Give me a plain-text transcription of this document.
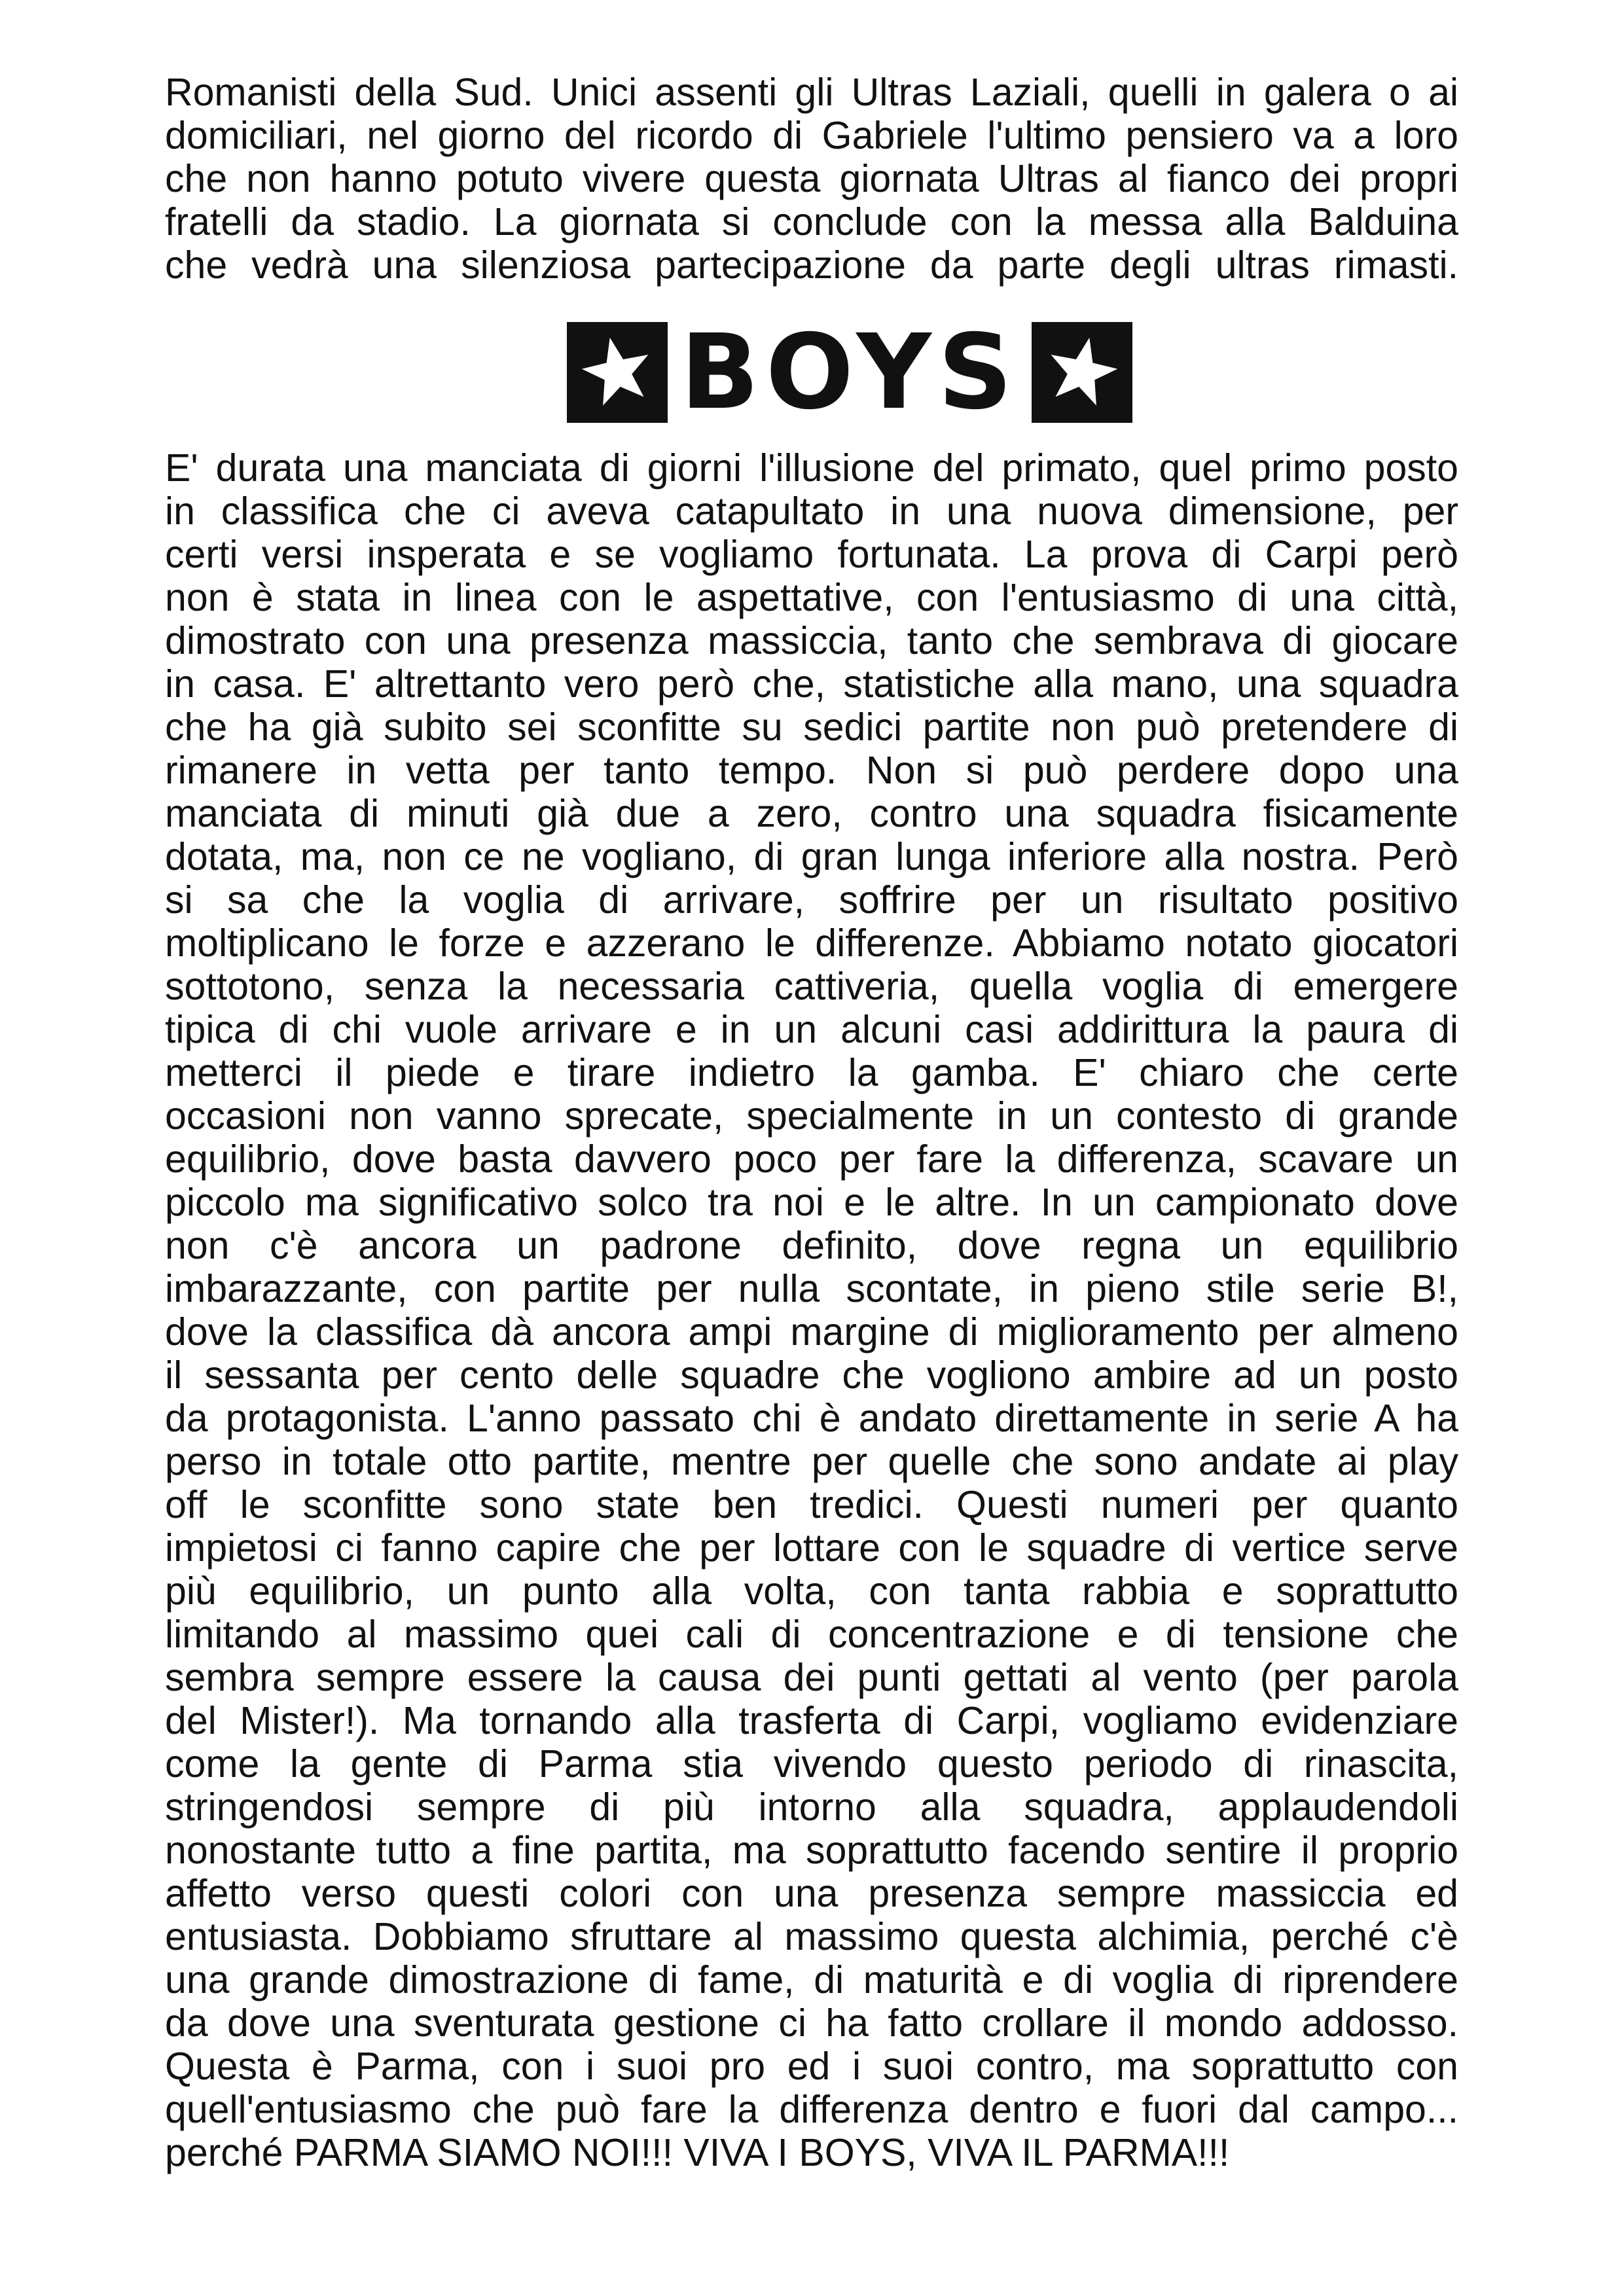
Romanisti della Sud. Unici assenti gli Ultras Laziali, quelli in galera o ai
domiciliari, nel giorno del ricordo di Gabriele l'ultimo pensiero va a loro
che non hanno potuto vivere questa giornata Ultras al fianco dei propri
fratelli da stadio. La giornata si conclude con la messa alla Balduina
che vedrà una silenziosa partecipazione da parte degli ultras rimasti.
BOYS
E' durata una manciata di giorni l'illusione del primato, quel primo posto
in classifica che ci aveva catapultato in una nuova dimensione, per
certi versi insperata e se vogliamo fortunata. La prova di Carpi però
non è stata in linea con le aspettative, con l'entusiasmo di una città,
dimostrato con una presenza massiccia, tanto che sembrava di giocare
in casa. E' altrettanto vero però che, statistiche alla mano, una squadra
che ha già subito sei sconfitte su sedici partite non può pretendere di
rimanere in vetta per tanto tempo. Non si può perdere dopo una
manciata di minuti già due a zero, contro una squadra fisicamente
dotata, ma, non ce ne vogliano, di gran lunga inferiore alla nostra. Però
si sa che la voglia di arrivare, soffrire per un risultato positivo
moltiplicano le forze e azzerano le differenze. Abbiamo notato giocatori
sottotono, senza la necessaria cattiveria, quella voglia di emergere
tipica di chi vuole arrivare e in un alcuni casi addirittura la paura di
metterci il piede e tirare indietro la gamba. E' chiaro che certe
occasioni non vanno sprecate, specialmente in un contesto di grande
equilibrio, dove basta davvero poco per fare la differenza, scavare un
piccolo ma significativo solco tra noi e le altre. In un campionato dove
non c'è ancora un padrone definito, dove regna un equilibrio
imbarazzante, con partite per nulla scontate, in pieno stile serie B!,
dove la classifica dà ancora ampi margine di miglioramento per almeno
il sessanta per cento delle squadre che vogliono ambire ad un posto
da protagonista. L'anno passato chi è andato direttamente in serie A ha
perso in totale otto partite, mentre per quelle che sono andate ai play
off le sconfitte sono state ben tredici. Questi numeri per quanto
impietosi ci fanno capire che per lottare con le squadre di vertice serve
più equilibrio, un punto alla volta, con tanta rabbia e soprattutto
limitando al massimo quei cali di concentrazione e di tensione che
sembra sempre essere la causa dei punti gettati al vento (per parola
del Mister!). Ma tornando alla trasferta di Carpi, vogliamo evidenziare
come la gente di Parma stia vivendo questo periodo di rinascita,
stringendosi sempre di più intorno alla squadra, applaudendoli
nonostante tutto a fine partita, ma soprattutto facendo sentire il proprio
affetto verso questi colori con una presenza sempre massiccia ed
entusiasta. Dobbiamo sfruttare al massimo questa alchimia, perché c'è
una grande dimostrazione di fame, di maturità e di voglia di riprendere
da dove una sventurata gestione ci ha fatto crollare il mondo addosso.
Questa è Parma, con i suoi pro ed i suoi contro, ma soprattutto con
quell'entusiasmo che può fare la differenza dentro e fuori dal campo...
perché PARMA SIAMO NOI!!! VIVA I BOYS, VIVA IL PARMA!!!
